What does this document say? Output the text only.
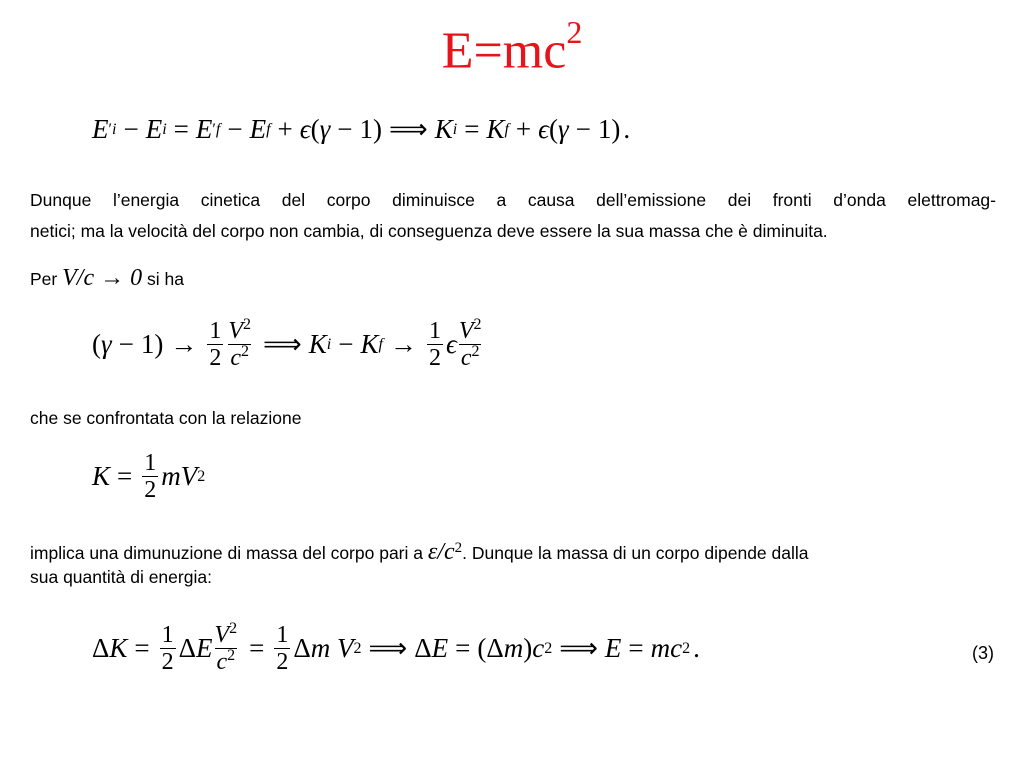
$E=mc^2$
E ′ i − E i = E ′ f − E f + ϵ ( γ − 1) ⟹ K i = K f + ϵ ( γ − 1) .
Dunque l’energia cinetica del corpo diminuisce a causa dell’emissione dei fronti d’onda elettromag-
netici; ma la velocità del corpo non cambia, di conseguenza deve essere la sua massa che è diminuita.
Per V/c → 0 si ha
( $\gamma - 1) \to \frac{1}{2} \frac{V^2}{c^2}$ ⟹ K i − K $f \to \frac{1}{2}$ ϵ $\frac{V^2}{c^2}$
che se confrontata con la relazione
$K = \frac{1}{2}$ mV 2
implica una dimunuzione di massa del corpo pari a $\varepsilon/c^2$. Dunque la massa di un corpo dipende dalla
sua quantità di energia:
Δ $K = \frac{1}{2}$ Δ E $\frac{V^2}{c^2} = \frac{1}{2}$ Δ m
V 2 ⟹ Δ E = (Δ m ) c 2 ⟹ E = mc 2 .	(3)
